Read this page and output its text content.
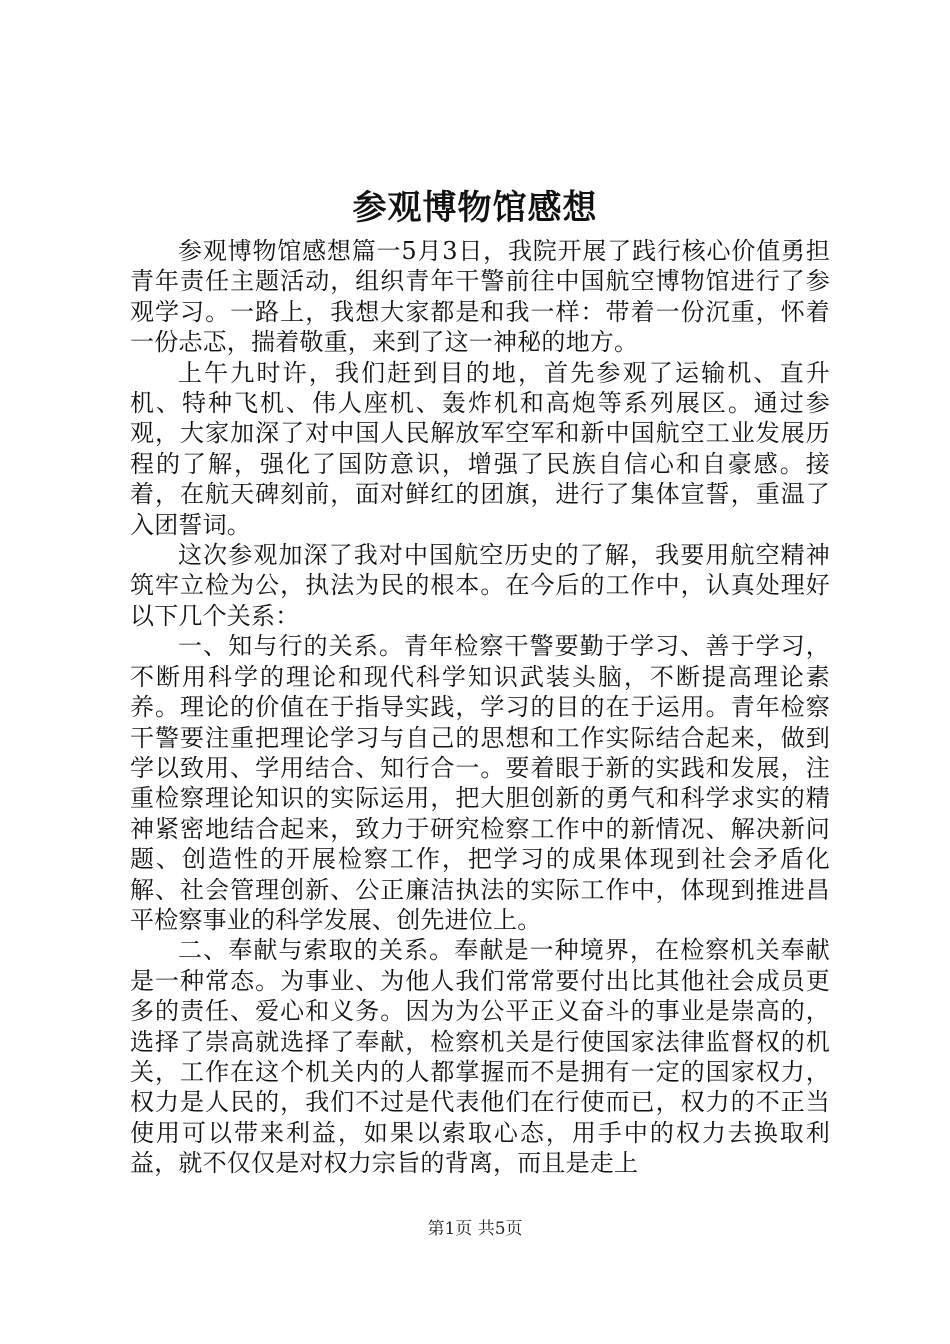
参观博物馆感想

参观博物馆感想篇一5月3日，我院开展了践行核心价值勇担青年责任主题活动，组织青年干警前往中国航空博物馆进行了参观学习。一路上，我想大家都是和我一样：带着一份沉重，怀着一份忐忑，揣着敬重，来到了这一神秘的地方。

上午九时许，我们赶到目的地，首先参观了运输机、直升机、特种飞机、伟人座机、轰炸机和高炮等系列展区。通过参观，大家加深了对中国人民解放军空军和新中国航空工业发展历程的了解，强化了国防意识，增强了民族自信心和自豪感。接着，在航天碑刻前，面对鲜红的团旗，进行了集体宣誓，重温了入团誓词。

这次参观加深了我对中国航空历史的了解，我要用航空精神筑牢立检为公，执法为民的根本。在今后的工作中，认真处理好以下几个关系：

一、知与行的关系。青年检察干警要勤于学习、善于学习，不断用科学的理论和现代科学知识武装头脑，不断提高理论素养。理论的价值在于指导实践，学习的目的在于运用。青年检察干警要注重把理论学习与自己的思想和工作实际结合起来，做到学以致用、学用结合、知行合一。要着眼于新的实践和发展，注重检察理论知识的实际运用，把大胆创新的勇气和科学求实的精神紧密地结合起来，致力于研究检察工作中的新情况、解决新问题、创造性的开展检察工作，把学习的成果体现到社会矛盾化解、社会管理创新、公正廉洁执法的实际工作中，体现到推进昌平检察事业的科学发展、创先进位上。

二、奉献与索取的关系。奉献是一种境界，在检察机关奉献是一种常态。为事业、为他人我们常常要付出比其他社会成员更多的责任、爱心和义务。因为为公平正义奋斗的事业是崇高的，选择了崇高就选择了奉献，检察机关是行使国家法律监督权的机关，工作在这个机关内的人都掌握而不是拥有一定的国家权力，权力是人民的，我们不过是代表他们在行使而已，权力的不正当使用可以带来利益，如果以索取心态，用手中的权力去换取利益，就不仅仅是对权力宗旨的背离，而且是走上

第1页 共5页
